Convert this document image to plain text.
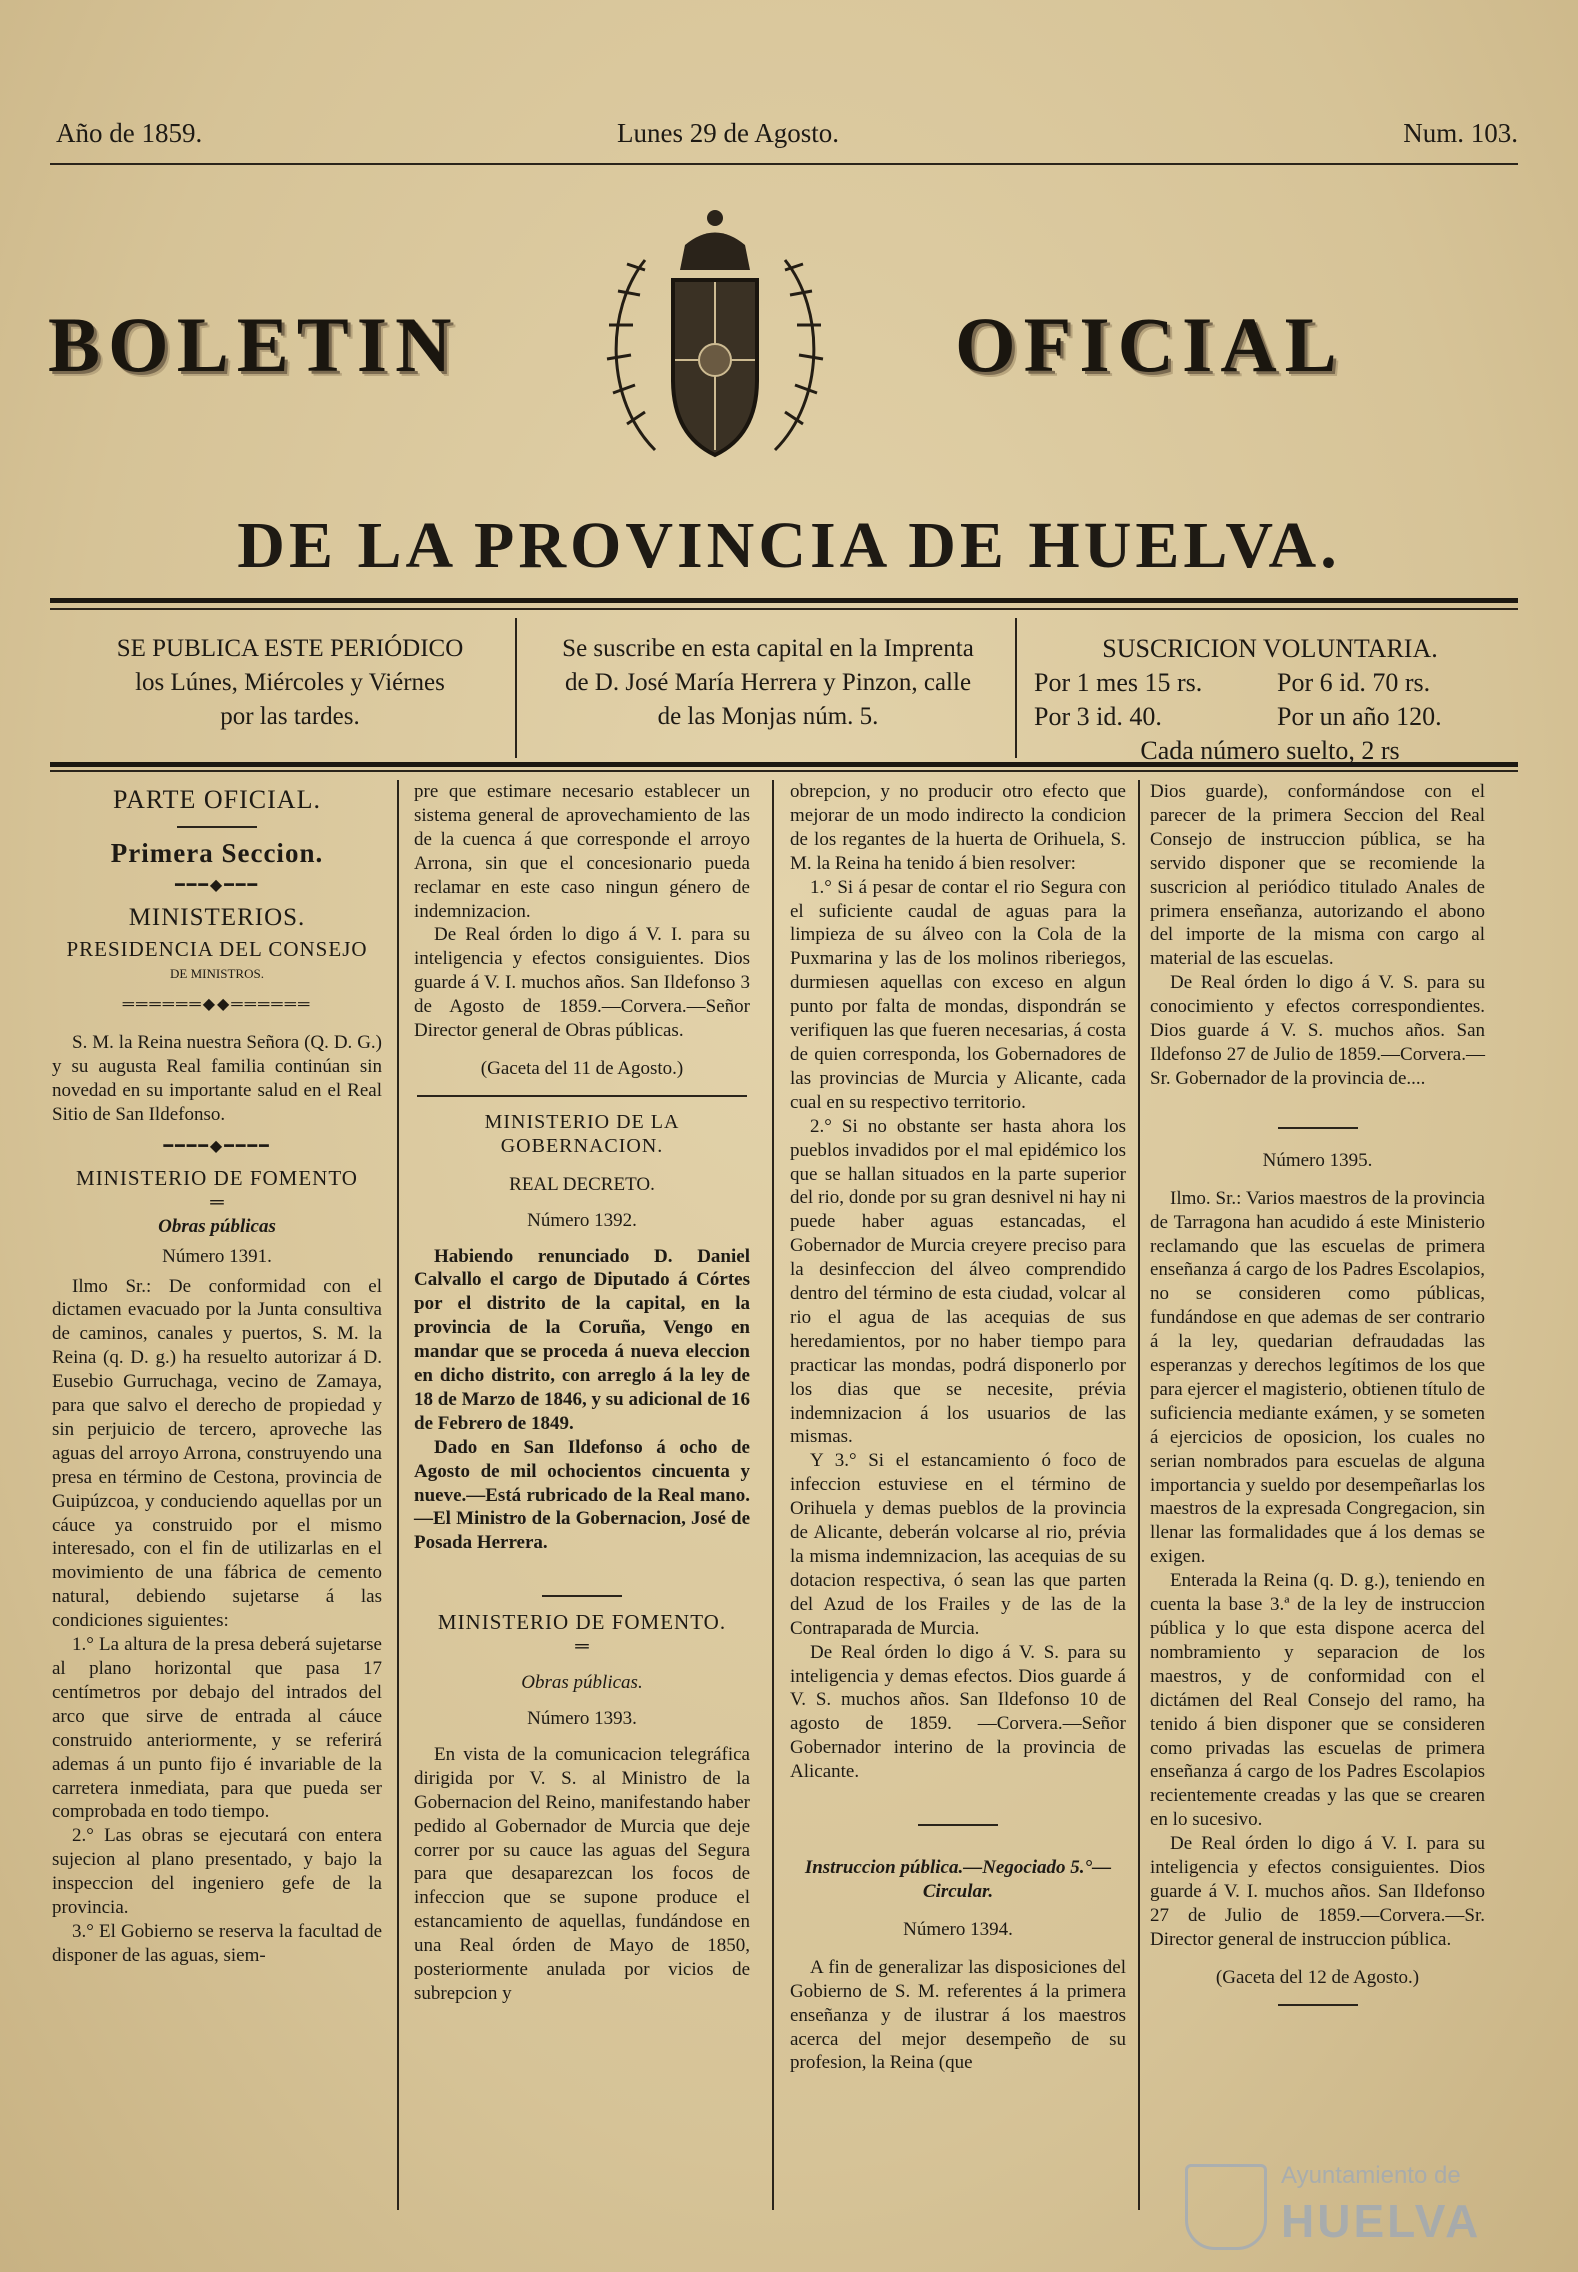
Año de 1859.	Lunes 29 de Agosto.	Num. 103.
BOLETIN	OFICIAL
DE LA PROVINCIA DE HUELVA.
SE PUBLICA ESTE PERIÓDICO
los Lúnes, Miércoles y Viérnes
por las tardes.
Se suscribe en esta capital en la Imprenta
de D. José María Herrera y Pinzon, calle
de las Monjas núm. 5.
SUSCRICION VOLUNTARIA.
Por 1 mes 15 rs.	Por 6 id. 70 rs.
Por 3 id. 40.	Por un año 120.
Cada número suelto, 2 rs

PARTE OFICIAL.

Primera Seccion.

━━━◆━━━

MINISTERIOS.

PRESIDENCIA DEL CONSEJO

DE MINISTROS.

══════◆◆══════

S. M. la Reina nuestra Señora (Q. D. G.) y su augusta Real familia continúan sin novedad en su importante salud en el Real Sitio de San Ildefonso.

━━━━◆━━━━

MINISTERIO DE FOMENTO

═

Obras públicas

Número 1391.

Ilmo Sr.: De conformidad con el dictamen evacuado por la Junta consultiva de caminos, canales y puertos, S. M. la Reina (q. D. g.) ha resuelto autorizar á D. Eusebio Gurruchaga, vecino de Zamaya, para que salvo el derecho de propiedad y sin perjuicio de tercero, aproveche las aguas del arroyo Arrona, construyendo una presa en término de Cestona, provincia de Guipúzcoa, y conduciendo aquellas por un cáuce ya construido por el mismo interesado, con el fin de utilizarlas en el movimiento de una fábrica de cemento natural, debiendo sujetarse á las condiciones siguientes:

1.° La altura de la presa deberá sujetarse al plano horizontal que pasa 17 centímetros por debajo del intrados del arco que sirve de entrada al cáuce construido anteriormente, y se referirá ademas á un punto fijo é invariable de la carretera inmediata, para que pueda ser comprobada en todo tiempo.

2.° Las obras se ejecutará con entera sujecion al plano presentado, y bajo la inspeccion del ingeniero gefe de la provincia.

3.° El Gobierno se reserva la facultad de disponer de las aguas, siem-

pre que estimare necesario establecer un sistema general de aprovechamiento de las de la cuenca á que corresponde el arroyo Arrona, sin que el concesionario pueda reclamar en este caso ningun género de indemnizacion.

De Real órden lo digo á V. I. para su inteligencia y efectos consiguientes. Dios guarde á V. I. muchos años. San Ildefonso 3 de Agosto de 1859.—Corvera.—Señor Director general de Obras públicas.

(Gaceta del 11 de Agosto.)

MINISTERIO DE LA GOBERNACION.

REAL DECRETO.

Número 1392.

Habiendo renunciado D. Daniel Calvallo el cargo de Diputado á Córtes por el distrito de la capital, en la provincia de la Coruña, Vengo en mandar que se proceda á nueva eleccion en dicho distrito, con arreglo á la ley de 18 de Marzo de 1846, y su adicional de 16 de Febrero de 1849.

Dado en San Ildefonso á ocho de Agosto de mil ochocientos cincuenta y nueve.—Está rubricado de la Real mano.—El Ministro de la Gobernacion, José de Posada Herrera.

MINISTERIO DE FOMENTO.

═

Obras públicas.

Número 1393.

En vista de la comunicacion telegráfica dirigida por V. S. al Ministro de la Gobernacion del Reino, manifestando haber pedido al Gobernador de Murcia que deje correr por su cauce las aguas del Segura para que desaparezcan los focos de infeccion que se supone produce el estancamiento de aquellas, fundándose en una Real órden de Mayo de 1850, posteriormente anulada por vicios de subrepcion y

obrepcion, y no producir otro efecto que mejorar de un modo indirecto la condicion de los regantes de la huerta de Orihuela, S. M. la Reina ha tenido á bien resolver:

1.° Si á pesar de contar el rio Segura con el suficiente caudal de aguas para la limpieza de su álveo con la Cola de la Puxmarina y las de los molinos riberiegos, durmiesen aquellas con exceso en algun punto por falta de mondas, dispondrán se verifiquen las que fueren necesarias, á costa de quien corresponda, los Gobernadores de las provincias de Murcia y Alicante, cada cual en su respectivo territorio.

2.° Si no obstante ser hasta ahora los pueblos invadidos por el mal epidémico los que se hallan situados en la parte superior del rio, donde por su gran desnivel ni hay ni puede haber aguas estancadas, el Gobernador de Murcia creyere preciso para la desinfeccion del álveo comprendido dentro del término de esta ciudad, volcar al rio el agua de las acequias de sus heredamientos, por no haber tiempo para practicar las mondas, podrá disponerlo por los dias que se necesite, prévia indemnizacion á los usuarios de las mismas.

Y 3.° Si el estancamiento ó foco de infeccion estuviese en el término de Orihuela y demas pueblos de la provincia de Alicante, deberán volcarse al rio, prévia la misma indemnizacion, las acequias de su dotacion respectiva, ó sean las que parten del Azud de los Frailes y de las de la Contraparada de Murcia.

De Real órden lo digo á V. S. para su inteligencia y demas efectos. Dios guarde á V. S. muchos años. San Ildefonso 10 de agosto de 1859. —Corvera.—Señor Gobernador interino de la provincia de Alicante.

Instruccion pública.—Negociado 5.°— Circular.

Número 1394.

A fin de generalizar las disposiciones del Gobierno de S. M. referentes á la primera enseñanza y de ilustrar á los maestros acerca del mejor desempeño de su profesion, la Reina (que

Dios guarde), conformándose con el parecer de la primera Seccion del Real Consejo de instruccion pública, se ha servido disponer que se recomiende la suscricion al periódico titulado Anales de primera enseñanza, autorizando el abono del importe de la misma con cargo al material de las escuelas.

De Real órden lo digo á V. S. para su conocimiento y efectos correspondientes. Dios guarde á V. S. muchos años. San Ildefonso 27 de Julio de 1859.—Corvera.—Sr. Gobernador de la provincia de....

Número 1395.

Ilmo. Sr.: Varios maestros de la provincia de Tarragona han acudido á este Ministerio reclamando que las escuelas de primera enseñanza á cargo de los Padres Escolapios, no se consideren como públicas, fundándose en que ademas de ser contrario á la ley, quedarian defraudadas las esperanzas y derechos legítimos de los que para ejercer el magisterio, obtienen título de suficiencia mediante exámen, y se someten á ejercicios de oposicion, los cuales no serian nombrados para escuelas de alguna importancia y sueldo por desempeñarlas los maestros de la expresada Congregacion, sin llenar las formalidades que á los demas se exigen.

Enterada la Reina (q. D. g.), teniendo en cuenta la base 3.ª de la ley de instruccion pública y lo que esta dispone acerca del nombramiento y separacion de los maestros, y de conformidad con el dictámen del Real Consejo del ramo, ha tenido á bien disponer que se consideren como privadas las escuelas de primera enseñanza á cargo de los Padres Escolapios recientemente creadas y las que se crearen en lo sucesivo.

De Real órden lo digo á V. I. para su inteligencia y efectos consiguientes. Dios guarde á V. I. muchos años. San Ildefonso 27 de Julio de 1859.—Corvera.—Sr. Director general de instruccion pública.

(Gaceta del 12 de Agosto.)

Ayuntamiento de
HUELVA
